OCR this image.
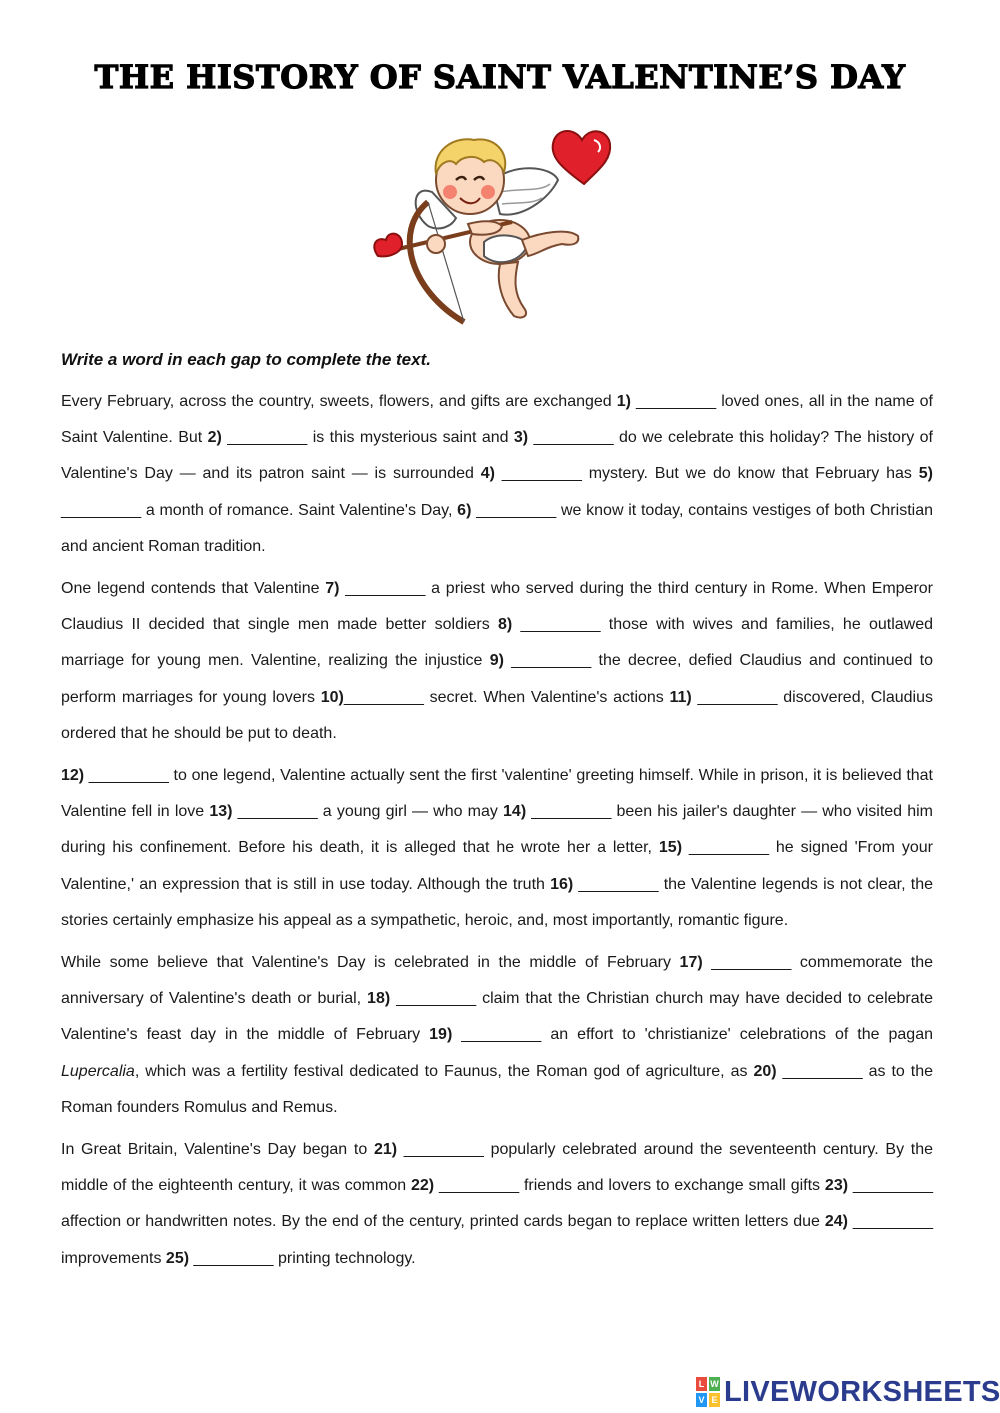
THE HISTORY OF SAINT VALENTINE’S DAY
Write a word in each gap to complete the text.

Every February, across the country, sweets, flowers, and gifts are exchanged 1) _________ loved ones, all in the name of Saint Valentine. But 2) _________ is this mysterious saint and 3) _________ do we celebrate this holiday? The history of Valentine's Day — and its patron saint — is surrounded 4) _________ mystery. But we do know that February has 5) _________ a month of romance. Saint Valentine's Day, 6) _________ we know it today, contains vestiges of both Christian and ancient Roman tradition.

One legend contends that Valentine 7) _________ a priest who served during the third century in Rome. When Emperor Claudius II decided that single men made better soldiers 8) _________ those with wives and families, he outlawed marriage for young men. Valentine, realizing the injustice 9) _________ the decree, defied Claudius and continued to perform marriages for young lovers 10)_________ secret. When Valentine's actions 11) _________ discovered, Claudius ordered that he should be put to death.

12) _________ to one legend, Valentine actually sent the first 'valentine' greeting himself. While in prison, it is believed that Valentine fell in love 13) _________ a young girl — who may 14) _________ been his jailer's daughter — who visited him during his confinement. Before his death, it is alleged that he wrote her a letter, 15) _________ he signed 'From your Valentine,' an expression that is still in use today. Although the truth 16) _________ the Valentine legends is not clear, the stories certainly emphasize his appeal as a sympathetic, heroic, and, most importantly, romantic figure.

While some believe that Valentine's Day is celebrated in the middle of February 17) _________ commemorate the anniversary of Valentine's death or burial, 18) _________ claim that the Christian church may have decided to celebrate Valentine's feast day in the middle of February 19) _________ an effort to 'christianize' celebrations of the pagan Lupercalia, which was a fertility festival dedicated to Faunus, the Roman god of agriculture, as 20) _________ as to the Roman founders Romulus and Remus.

In Great Britain, Valentine's Day began to 21) _________ popularly celebrated around the seventeenth century. By the middle of the eighteenth century, it was common 22) _________ friends and lovers to exchange small gifts 23) _________ affection or handwritten notes. By the end of the century, printed cards began to replace written letters due 24) _________ improvements 25) _________ printing technology.

L W
V E LIVEWORKSHEETS
